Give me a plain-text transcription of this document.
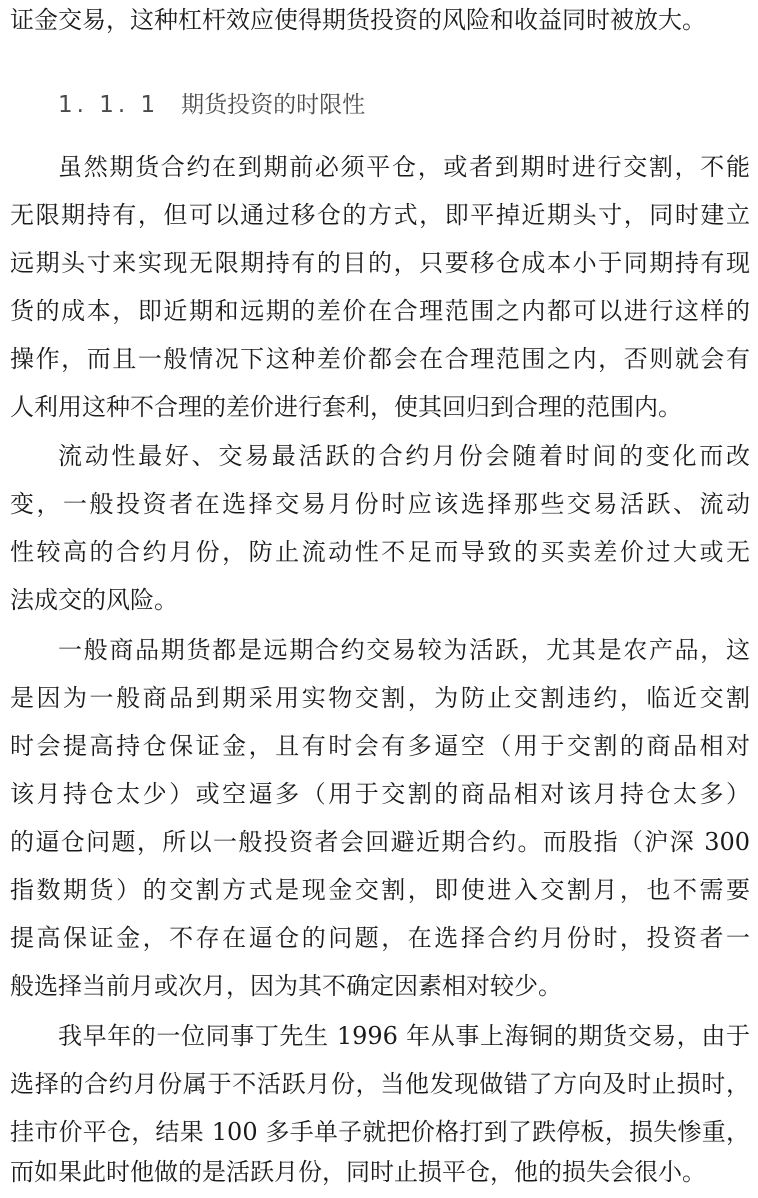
证金交易，这种杠杆效应使得期货投资的风险和收益同时被放大。
1. 1. 1 期货投资的时限性
虽然期货合约在到期前必须平仓，或者到期时进行交割，不能
无限期持有，但可以通过移仓的方式，即平掉近期头寸，同时建立
远期头寸来实现无限期持有的目的，只要移仓成本小于同期持有现
货的成本，即近期和远期的差价在合理范围之内都可以进行这样的
操作，而且一般情况下这种差价都会在合理范围之内，否则就会有
人利用这种不合理的差价进行套利，使其回归到合理的范围内。
流动性最好、交易最活跃的合约月份会随着时间的变化而改
变，一般投资者在选择交易月份时应该选择那些交易活跃、流动
性较高的合约月份，防止流动性不足而导致的买卖差价过大或无
法成交的风险。
一般商品期货都是远期合约交易较为活跃，尤其是农产品，这
是因为一般商品到期采用实物交割，为防止交割违约，临近交割
时会提高持仓保证金，且有时会有多逼空（用于交割的商品相对
该月持仓太少）或空逼多（用于交割的商品相对该月持仓太多）
的逼仓问题，所以一般投资者会回避近期合约。而股指（沪深 300
指数期货）的交割方式是现金交割，即使进入交割月，也不需要
提高保证金，不存在逼仓的问题，在选择合约月份时，投资者一
般选择当前月或次月，因为其不确定因素相对较少。
我早年的一位同事丁先生 1996 年从事上海铜的期货交易，由于
选择的合约月份属于不活跃月份，当他发现做错了方向及时止损时，
挂市价平仓，结果 100 多手单子就把价格打到了跌停板，损失惨重，
而如果此时他做的是活跃月份，同时止损平仓，他的损失会很小。
